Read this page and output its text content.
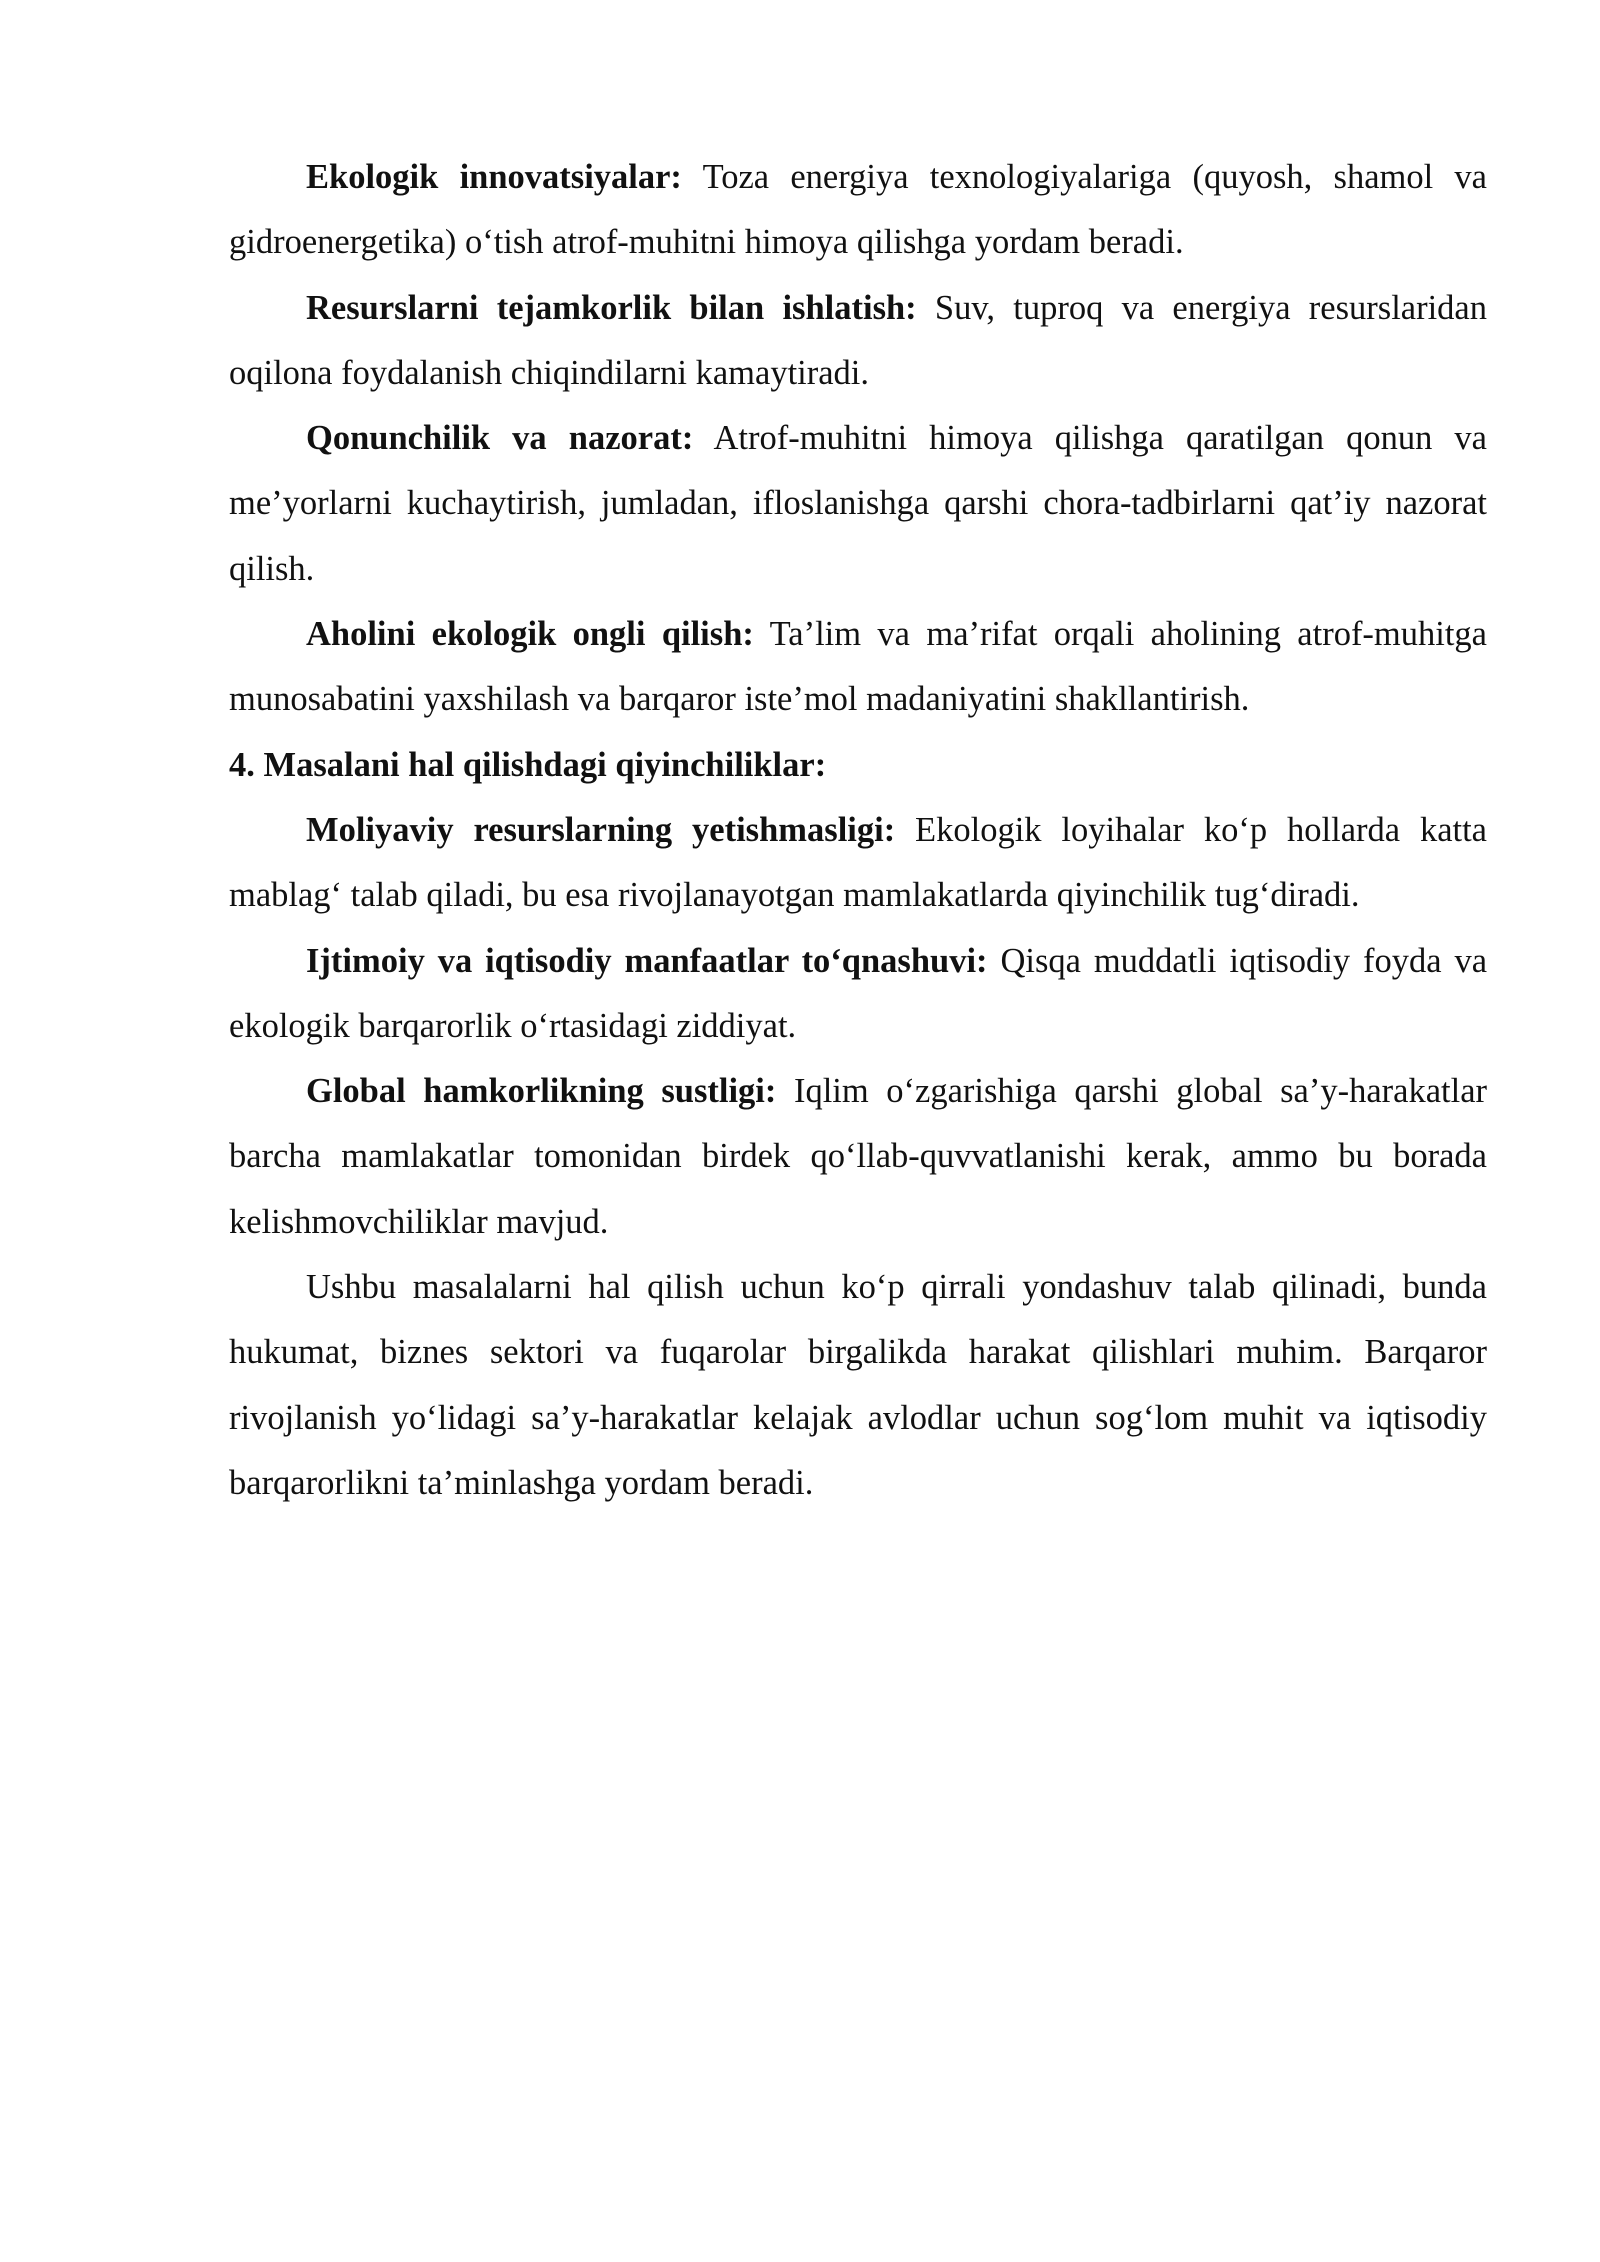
Ekologik innovatsiyalar: Toza energiya texnologiyalariga (quyosh, shamol va gidroenergetika) o‘tish atrof-muhitni himoya qilishga yordam beradi.

Resurslarni tejamkorlik bilan ishlatish: Suv, tuproq va energiya resurslaridan oqilona foydalanish chiqindilarni kamaytiradi.

Qonunchilik va nazorat: Atrof-muhitni himoya qilishga qaratilgan qonun va me’yorlarni kuchaytirish, jumladan, ifloslanishga qarshi chora-tadbirlarni qat’iy nazorat qilish.

Aholini ekologik ongli qilish: Ta’lim va ma’rifat orqali aholining atrof-muhitga munosabatini yaxshilash va barqaror iste’mol madaniyatini shakllantirish.

4. Masalani hal qilishdagi qiyinchiliklar:

Moliyaviy resurslarning yetishmasligi: Ekologik loyihalar ko‘p hollarda katta mablag‘ talab qiladi, bu esa rivojlanayotgan mamlakatlarda qiyinchilik tug‘diradi.

Ijtimoiy va iqtisodiy manfaatlar to‘qnashuvi: Qisqa muddatli iqtisodiy foyda va ekologik barqarorlik o‘rtasidagi ziddiyat.

Global hamkorlikning sustligi: Iqlim o‘zgarishiga qarshi global sa’y-harakatlar barcha mamlakatlar tomonidan birdek qo‘llab-quvvatlanishi kerak, ammo bu borada kelishmovchiliklar mavjud.

Ushbu masalalarni hal qilish uchun ko‘p qirrali yondashuv talab qilinadi, bunda hukumat, biznes sektori va fuqarolar birgalikda harakat qilishlari muhim. Barqaror rivojlanish yo‘lidagi sa’y-harakatlar kelajak avlodlar uchun sog‘lom muhit va iqtisodiy barqarorlikni ta’minlashga yordam beradi.
